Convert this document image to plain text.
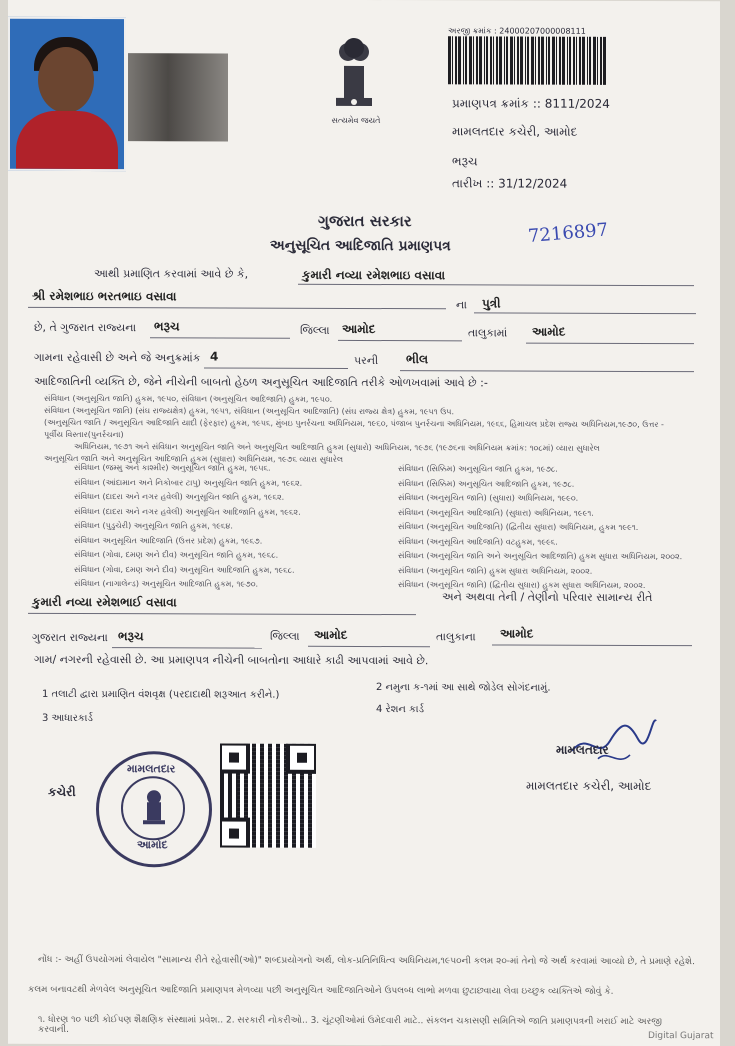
સત્યમેવ જયતે
અરજી ક્રમાંક : 24000207000008111
પ્રમાણપત્ર ક્રમાંક :: 8111/2024
મામલતદાર કચેરી, આમોદ
ભરૂચ
તારીખ :: 31/12/2024
ગુજરાત સરકાર
અનુસૂચિત આદિજાતિ પ્રમાણપત્ર	7216897
આથી પ્રમાણિત કરવામાં આવે છે કે,	કુમારી નવ્યા રમેશભાઇ વસાવા
શ્રી રમેશભાઇ ભરતભાઇ વસાવા
ના પુત્રી
છે, તે ગુજરાત રાજ્યના ભરૂચ	જિલ્લા આમોદ	તાલુકામાં આમોદ
ગામના રહેવાસી છે અને જે અનુક્રમાંક 4	પરની ભીલ
આદિજાતિની વ્યક્તિ છે, જેને નીચેની બાબતો હેઠળ અનુસૂચિત આદિજાતિ તરીકે ઓળખવામાં આવે છે :-
સંવિધાન (અનુસૂચિત જાતિ) હુકમ, ૧૯૫૦, સંવિધાન (અનુસૂચિત આદિજાતિ) હુકમ, ૧૯૫૦.
સંવિધાન (અનુસૂચિત જાતિ) (સંઘ રાજ્યક્ષેત્ર) હુકમ, ૧૯૫૧, સંવિધાન (અનુસૂચિત આદિજાતિ) (સંઘ રાજ્ય ક્ષેત્ર) હુકમ, ૧૯૫૧ ઉપ.
(અનુસૂચિત જાતિ / અનુસૂચિત આદિજાતિ યાદી (ફેરફાર) હુકમ, ૧૯૫૬, મુંબઇ પુનર્રચના અધિનિયમ, ૧૯૬૦, પંજાબ પુનર્રચના અધિનિયમ, ૧૯૬૬, હિમાચલ પ્રદેશ રાજ્ય અધિનિયમ,૧૯૭૦, ઉત્તર - પૂર્વીય વિસ્તાર(પુનર્રચના)
અધિનિયમ, ૧૯૭૧ અને સંવિધાન અનુસૂચિત જાતિ અને અનુસૂચિત આદિજાતિ હુકમ (સુધારો) અધિનિયમ, ૧૯૭૬ (૧૯૭૬ના અધિનિયમ ક્રમાંક: ૧૦૮માં) વ્યારા સુધારેલ
અનુસૂચિત જાતિ અને અનુસૂચિત આદિજાતિ હુકમ (સુધારા) અધિનિયમ, ૧૯૭૬ વ્યારા સુધારેલ
સંવિધાન (જમ્મુ અને કાશ્મીર) અનુસૂચિત જાતિ હુકમ, ૧૯૫૬.
સંવિધાન (આંદામાન અને નિકોબાર ટાપુ) અનુસૂચિત જાતિ હુકમ, ૧૯૬૨.
સંવિધાન (દાદરા અને નગર હવેલી) અનુસૂચિત જાતિ હુકમ, ૧૯૬૨.
સંવિધાન (દાદરા અને નગર હવેલી) અનુસૂચિત આદિજાતિ હુકમ, ૧૯૬૨.
સંવિધાન (પુડુચેરી) અનુસૂચિત જાતિ હુકમ, ૧૯૬૪.
સંવિધાન અનુસૂચિત આદિજાતિ (ઉત્તર પ્રદેશ) હુકમ, ૧૯૬૭.
સંવિધાન (ગોવા, દમણ અને દીવ) અનુસૂચિત જાતિ હુકમ, ૧૯૬૮.
સંવિધાન (ગોવા, દમણ અને દીવ) અનુસૂચિત આદિજાતિ હુકમ, ૧૯૬૮.
સંવિધાન (નાગાલેન્ડ) અનુસૂચિત આદિજાતિ હુકમ, ૧૯૭૦.
સંવિધાન (સિક્કિમ) અનુસૂચિત જાતિ હુકમ, ૧૯૭૮.
સંવિધાન (સિક્કિમ) અનુસૂચિત આદિજાતિ હુકમ, ૧૯૭૮.
સંવિધાન (અનુસૂચિત જાતિ) (સુધારા) અધિનિયમ, ૧૯૯૦.
સંવિધાન (અનુસૂચિત આદિજાતિ) (સુધારા) અધિનિયમ, ૧૯૯૧.
સંવિધાન (અનુસૂચિત આદિજાતિ) (દ્વિતીય સુધારા) અધિનિયમ, હુકમ ૧૯૯૧.
સંવિધાન (અનુસૂચિત આદિજાતિ) વટહુકમ, ૧૯૯૬.
સંવિધાન (અનુસૂચિત જાતિ અને અનુસૂચિત આદિજાતિ) હુકમ સુધારા અધિનિયમ, ૨૦૦૨.
સંવિધાન (અનુસૂચિત જાતિ) હુકમ સુધારા અધિનિયમ, ૨૦૦૨.
સંવિધાન (અનુસૂચિત જાતિ) (દ્વિતીય સુધારા) હુકમ સુધારા અધિનિયમ, ૨૦૦૨.
કુમારી નવ્યા રમેશભાઈ વસાવા	અને અથવા તેની / તેણીનો પરિવાર સામાન્ય રીતે
ગુજરાત રાજ્યના ભરૂચ	જિલ્લા આમોદ	તાલુકાના આમોદ
ગામ/ નગરની રહેવાસી છે. આ પ્રમાણપત્ર નીચેની બાબતોના આધારે કાઢી આપવામાં આવે છે.
1 તલાટી દ્વારા પ્રમાણિત વંશવૃક્ષ (પરદાદાથી શરૂઆત કરીને.)
2 નમુના ક-૧માં આ સાથે જોડેલ સોગંદનામું.
3 આધારકાર્ડ
4 રેશન કાર્ડ
મામલતદાર
આમોદ
કચેરી
મામલતદાર
મામલતદાર કચેરી, આમોદ
નોંધ :- અહીં ઉપયોગમાં લેવાયેલ "સામાન્ય રીતે રહેવાસી(ઓ)" શબ્દપ્રયોગનો અર્થ, લોક-પ્રતિનિધિત્વ અધિનિયમ,૧૯૫૦ની કલમ ૨૦-માં તેનો જે અર્થ કરવામાં આવ્યો છે, તે પ્રમાણે રહેશે.
કલમ બનાવટથી મેળવેલ અનુસૂચિત આદિજાતિ પ્રમાણપત્ર મેળવ્યા પછી અનુસૂચિત આદિજાતિઓને ઉપલબ્ધ લાભો મળવા છુટાછવાયા લેવા ઇચ્છુક વ્યક્તિએ જોવું કે.
૧. ધોરણ ૧૦ પછી કોઈપણ શૈક્ષણિક સંસ્થામાં પ્રવેશ.. 2. સરકારી નોકરીઓ.. 3. ચૂંટણીઓમાં ઉમેદવારી માટે.. સંકલન ચકાસણી સમિતિએ જાતિ પ્રમાણપત્રની ખરાઈ માટે અરજી કરવાની.
Digital Gujarat
